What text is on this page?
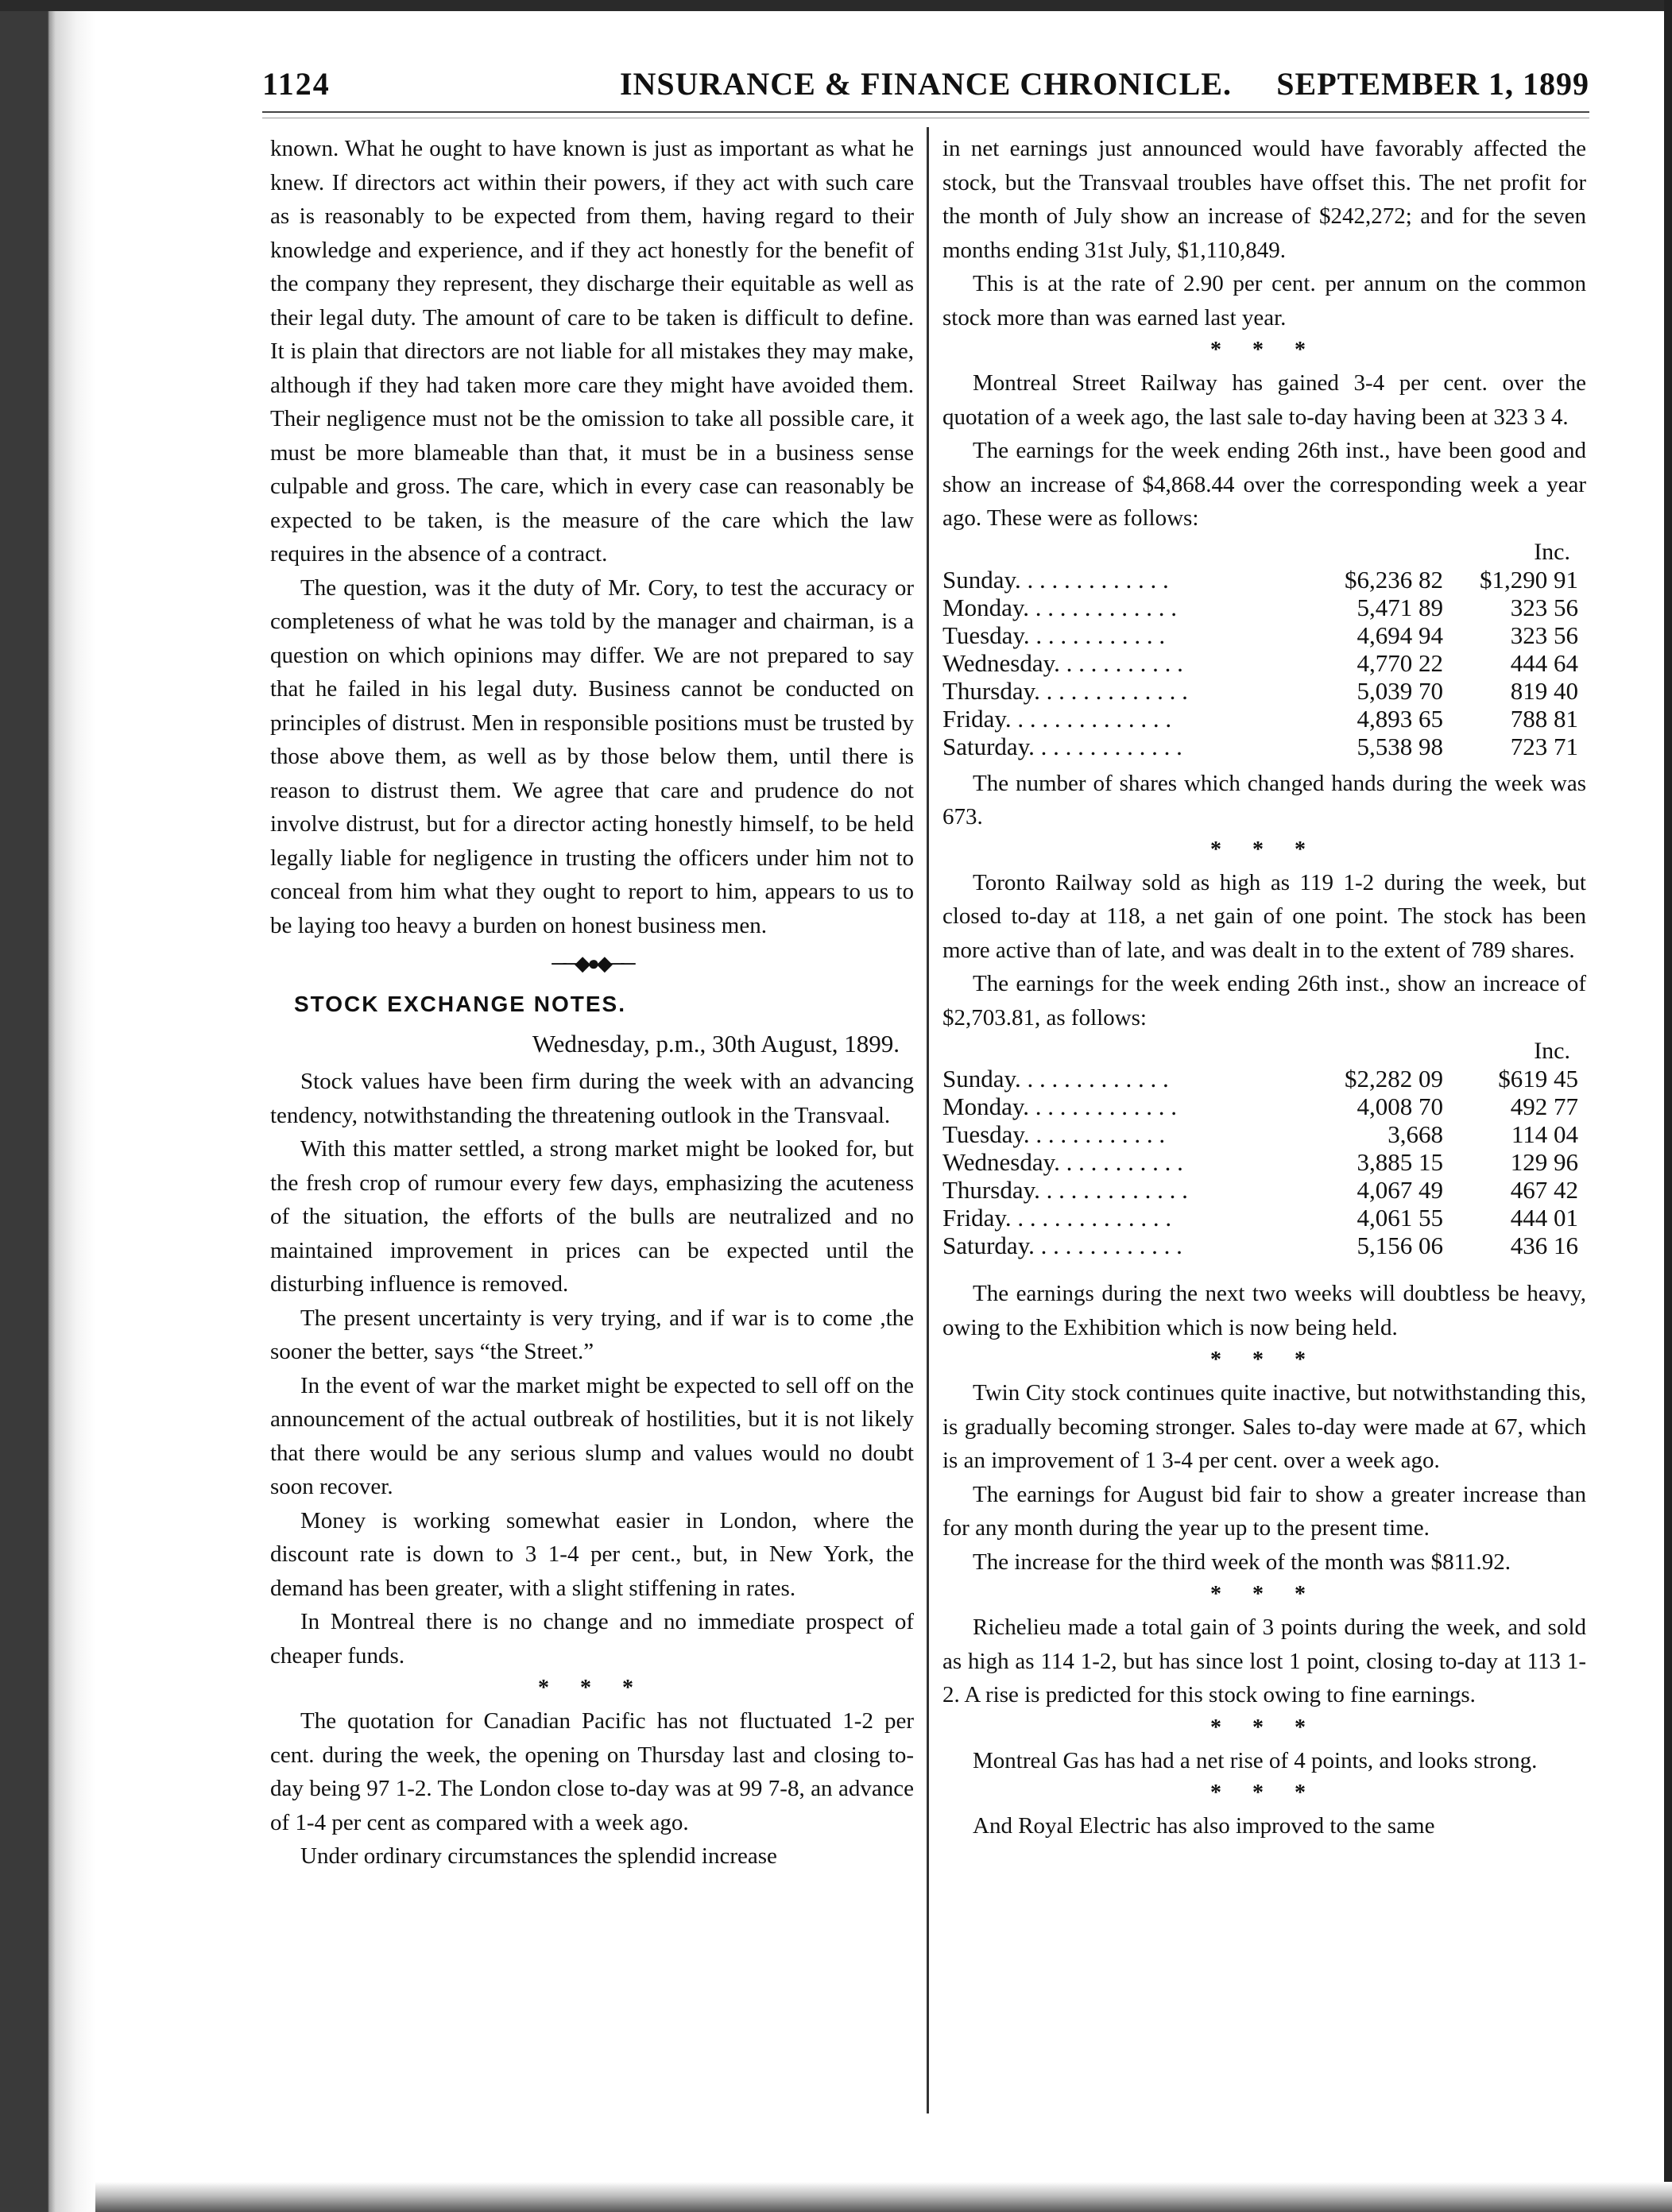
1124	INSURANCE & FINANCE CHRONICLE.	SEPTEMBER 1, 1899

known. What he ought to have known is just as important as what he knew. If directors act within their powers, if they act with such care as is reasonably to be expected from them, having regard to their knowledge and experience, and if they act honestly for the benefit of the company they represent, they discharge their equitable as well as their legal duty. The amount of care to be taken is difficult to define. It is plain that directors are not liable for all mistakes they may make, although if they had taken more care they might have avoided them. Their negligence must not be the omission to take all possible care, it must be more blameable than that, it must be in a business sense culpable and gross. The care, which in every case can reasonably be expected to be taken, is the measure of the care which the law requires in the absence of a contract.

The question, was it the duty of Mr. Cory, to test the accuracy or completeness of what he was told by the manager and chairman, is a question on which opinions may differ. We are not prepared to say that he failed in his legal duty. Business cannot be conducted on principles of distrust. Men in responsible positions must be trusted by those above them, as well as by those below them, until there is reason to distrust them. We agree that care and prudence do not involve distrust, but for a director acting honestly himself, to be held legally liable for negligence in trusting the officers under him not to conceal from him what they ought to report to him, appears to us to be laying too heavy a burden on honest business men.

──◆●◆──
STOCK EXCHANGE NOTES.
Wednesday, p.m., 30th August, 1899.

Stock values have been firm during the week with an advancing tendency, notwithstanding the threatening outlook in the Transvaal.

With this matter settled, a strong market might be looked for, but the fresh crop of rumour every few days, emphasizing the acuteness of the situation, the efforts of the bulls are neutralized and no maintained improvement in prices can be expected until the disturbing influence is removed.

The present uncertainty is very trying, and if war is to come ,the sooner the better, says “the Street.”

In the event of war the market might be expected to sell off on the announcement of the actual outbreak of hostilities, but it is not likely that there would be any serious slump and values would no doubt soon recover.

Money is working somewhat easier in London, where the discount rate is down to 3 1-4 per cent., but, in New York, the demand has been greater, with a slight stiffening in rates.

In Montreal there is no change and no immediate prospect of cheaper funds.

* * *

The quotation for Canadian Pacific has not fluctuated 1-2 per cent. during the week, the opening on Thursday last and closing to-day being 97 1-2. The London close to-day was at 99 7-8, an advance of 1-4 per cent as compared with a week ago.

Under ordinary circumstances the splendid increase

in net earnings just announced would have favorably affected the stock, but the Transvaal troubles have offset this. The net profit for the month of July show an increase of $242,272; and for the seven months ending 31st July, $1,110,849.

This is at the rate of 2.90 per cent. per annum on the common stock more than was earned last year.

* * *

Montreal Street Railway has gained 3-4 per cent. over the quotation of a week ago, the last sale to-day having been at 323 3 4.

The earnings for the week ending 26th inst., have been good and show an increase of $4,868.44 over the corresponding week a year ago. These were as follows:

Inc.
Sunday. . . . . . . . . . . . .	$6,236 82	$1,290 91
Monday. . . . . . . . . . . . .	5,471 89	323 56
Tuesday. . . . . . . . . . . .	4,694 94	323 56
Wednesday. . . . . . . . . . .	4,770 22	444 64
Thursday. . . . . . . . . . . . .	5,039 70	819 40
Friday. . . . . . . . . . . . . .	4,893 65	788 81
Saturday. . . . . . . . . . . . .	5,538 98	723 71

The number of shares which changed hands during the week was 673.

* * *

Toronto Railway sold as high as 119 1-2 during the week, but closed to-day at 118, a net gain of one point. The stock has been more active than of late, and was dealt in to the extent of 789 shares.

The earnings for the week ending 26th inst., show an increace of $2,703.81, as follows:

Inc.
Sunday. . . . . . . . . . . . .	$2,282 09	$619 45
Monday. . . . . . . . . . . . .	4,008 70	492 77
Tuesday. . . . . . . . . . . .	3,668	114 04
Wednesday. . . . . . . . . . .	3,885 15	129 96
Thursday. . . . . . . . . . . . .	4,067 49	467 42
Friday. . . . . . . . . . . . . .	4,061 55	444 01
Saturday. . . . . . . . . . . . .	5,156 06	436 16

The earnings during the next two weeks will doubtless be heavy, owing to the Exhibition which is now being held.

* * *

Twin City stock continues quite inactive, but notwithstanding this, is gradually becoming stronger. Sales to-day were made at 67, which is an improvement of 1 3-4 per cent. over a week ago.

The earnings for August bid fair to show a greater increase than for any month during the year up to the present time.

The increase for the third week of the month was $811.92.

* * *

Richelieu made a total gain of 3 points during the week, and sold as high as 114 1-2, but has since lost 1 point, closing to-day at 113 1-2. A rise is predicted for this stock owing to fine earnings.

* * *

Montreal Gas has had a net rise of 4 points, and looks strong.

* * *

And Royal Electric has also improved to the same
